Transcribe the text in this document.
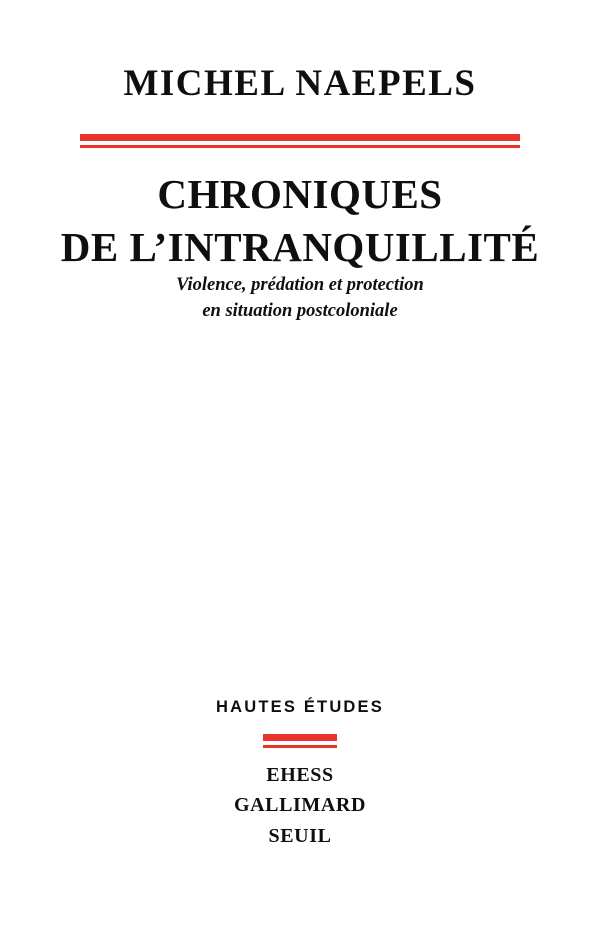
MICHEL NAEPELS
CHRONIQUES
DE L’INTRANQUILLITÉ
Violence, prédation et protection
en situation postcoloniale
HAUTES ÉTUDES
EHESS
GALLIMARD
SEUIL
